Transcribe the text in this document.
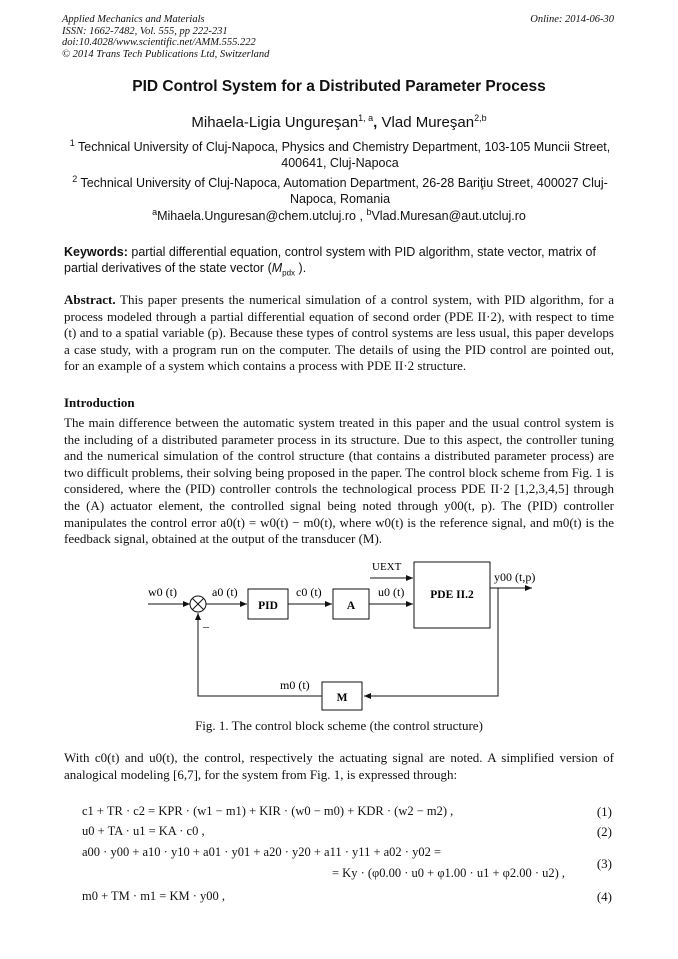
Applied Mechanics and Materials
ISSN: 1662-7482, Vol. 555, pp 222-231
doi:10.4028/www.scientific.net/AMM.555.222
© 2014 Trans Tech Publications Ltd, Switzerland
Online: 2014-06-30
PID Control System for a Distributed Parameter Process
Mihaela-Ligia Ungureşan$^{1, a}$, Vlad Mureşan$^{2,b}$
$^1$ Technical University of Cluj-Napoca, Physics and Chemistry Department, 103-105 Muncii Street, 400641, Cluj-Napoca
$^2$ Technical University of Cluj-Napoca, Automation Department, 26-28 Bariţiu Street, 400027 Cluj-Napoca, Romania
$^a$Mihaela.Unguresan@chem.utcluj.ro , $^b$Vlad.Muresan@aut.utcluj.ro
Keywords: partial differential equation, control system with PID algorithm, state vector, matrix of partial derivatives of the state vector ($M_{pdx}$ ).
Abstract. This paper presents the numerical simulation of a control system, with PID algorithm, for a process modeled through a partial differential equation of second order (PDE II·2), with respect to time (t) and to a spatial variable (p). Because these types of control systems are less usual, this paper develops a case study, with a program run on the computer. The details of using the PID control are pointed out, for an example of a system which contains a process with PDE II·2 structure.
Introduction
The main difference between the automatic system treated in this paper and the usual control system is the including of a distributed parameter process in its structure. Due to this aspect, the controller tuning and the numerical simulation of the control structure (that contains a distributed parameter process) are two difficult problems, their solving being proposed in the paper. The control block scheme from Fig. 1 is considered, where the (PID) controller controls the technological process PDE II·2 [1,2,3,4,5] through the (A) actuator element, the controlled signal being noted through y00(t, p). The (PID) controller manipulates the control error a0(t) = w0(t) − m0(t), where w0(t) is the reference signal, and m0(t) is the feedback signal, obtained at the output of the transducer (M).
w0 (t)
–
a0 (t)
PID
c0 (t)
A
u0 (t)
UEXT
PDE II.2
y00 (t,p)
M
m0 (t)
Fig. 1. The control block scheme (the control structure)
With c0(t) and u0(t), the control, respectively the actuating signal are noted. A simplified version of analogical modeling [6,7], for the system from Fig. 1, is expressed through:
c1 + TR · c2 = KPR · (w1 − m1) + KIR · (w0 − m0) + KDR · (w2 − m2) ,	(1)
u0 + TA · u1 = KA · c0 ,	(2)
a00 · y00 + a10 · y10 + a01 · y01 + a20 · y20 + a11 · y11 + a02 · y02 =
= Ky · (φ0.00 · u0 + φ1.00 · u1 + φ2.00 · u2) ,
(3)
m0 + TM · m1 = KM · y00 ,	(4)
